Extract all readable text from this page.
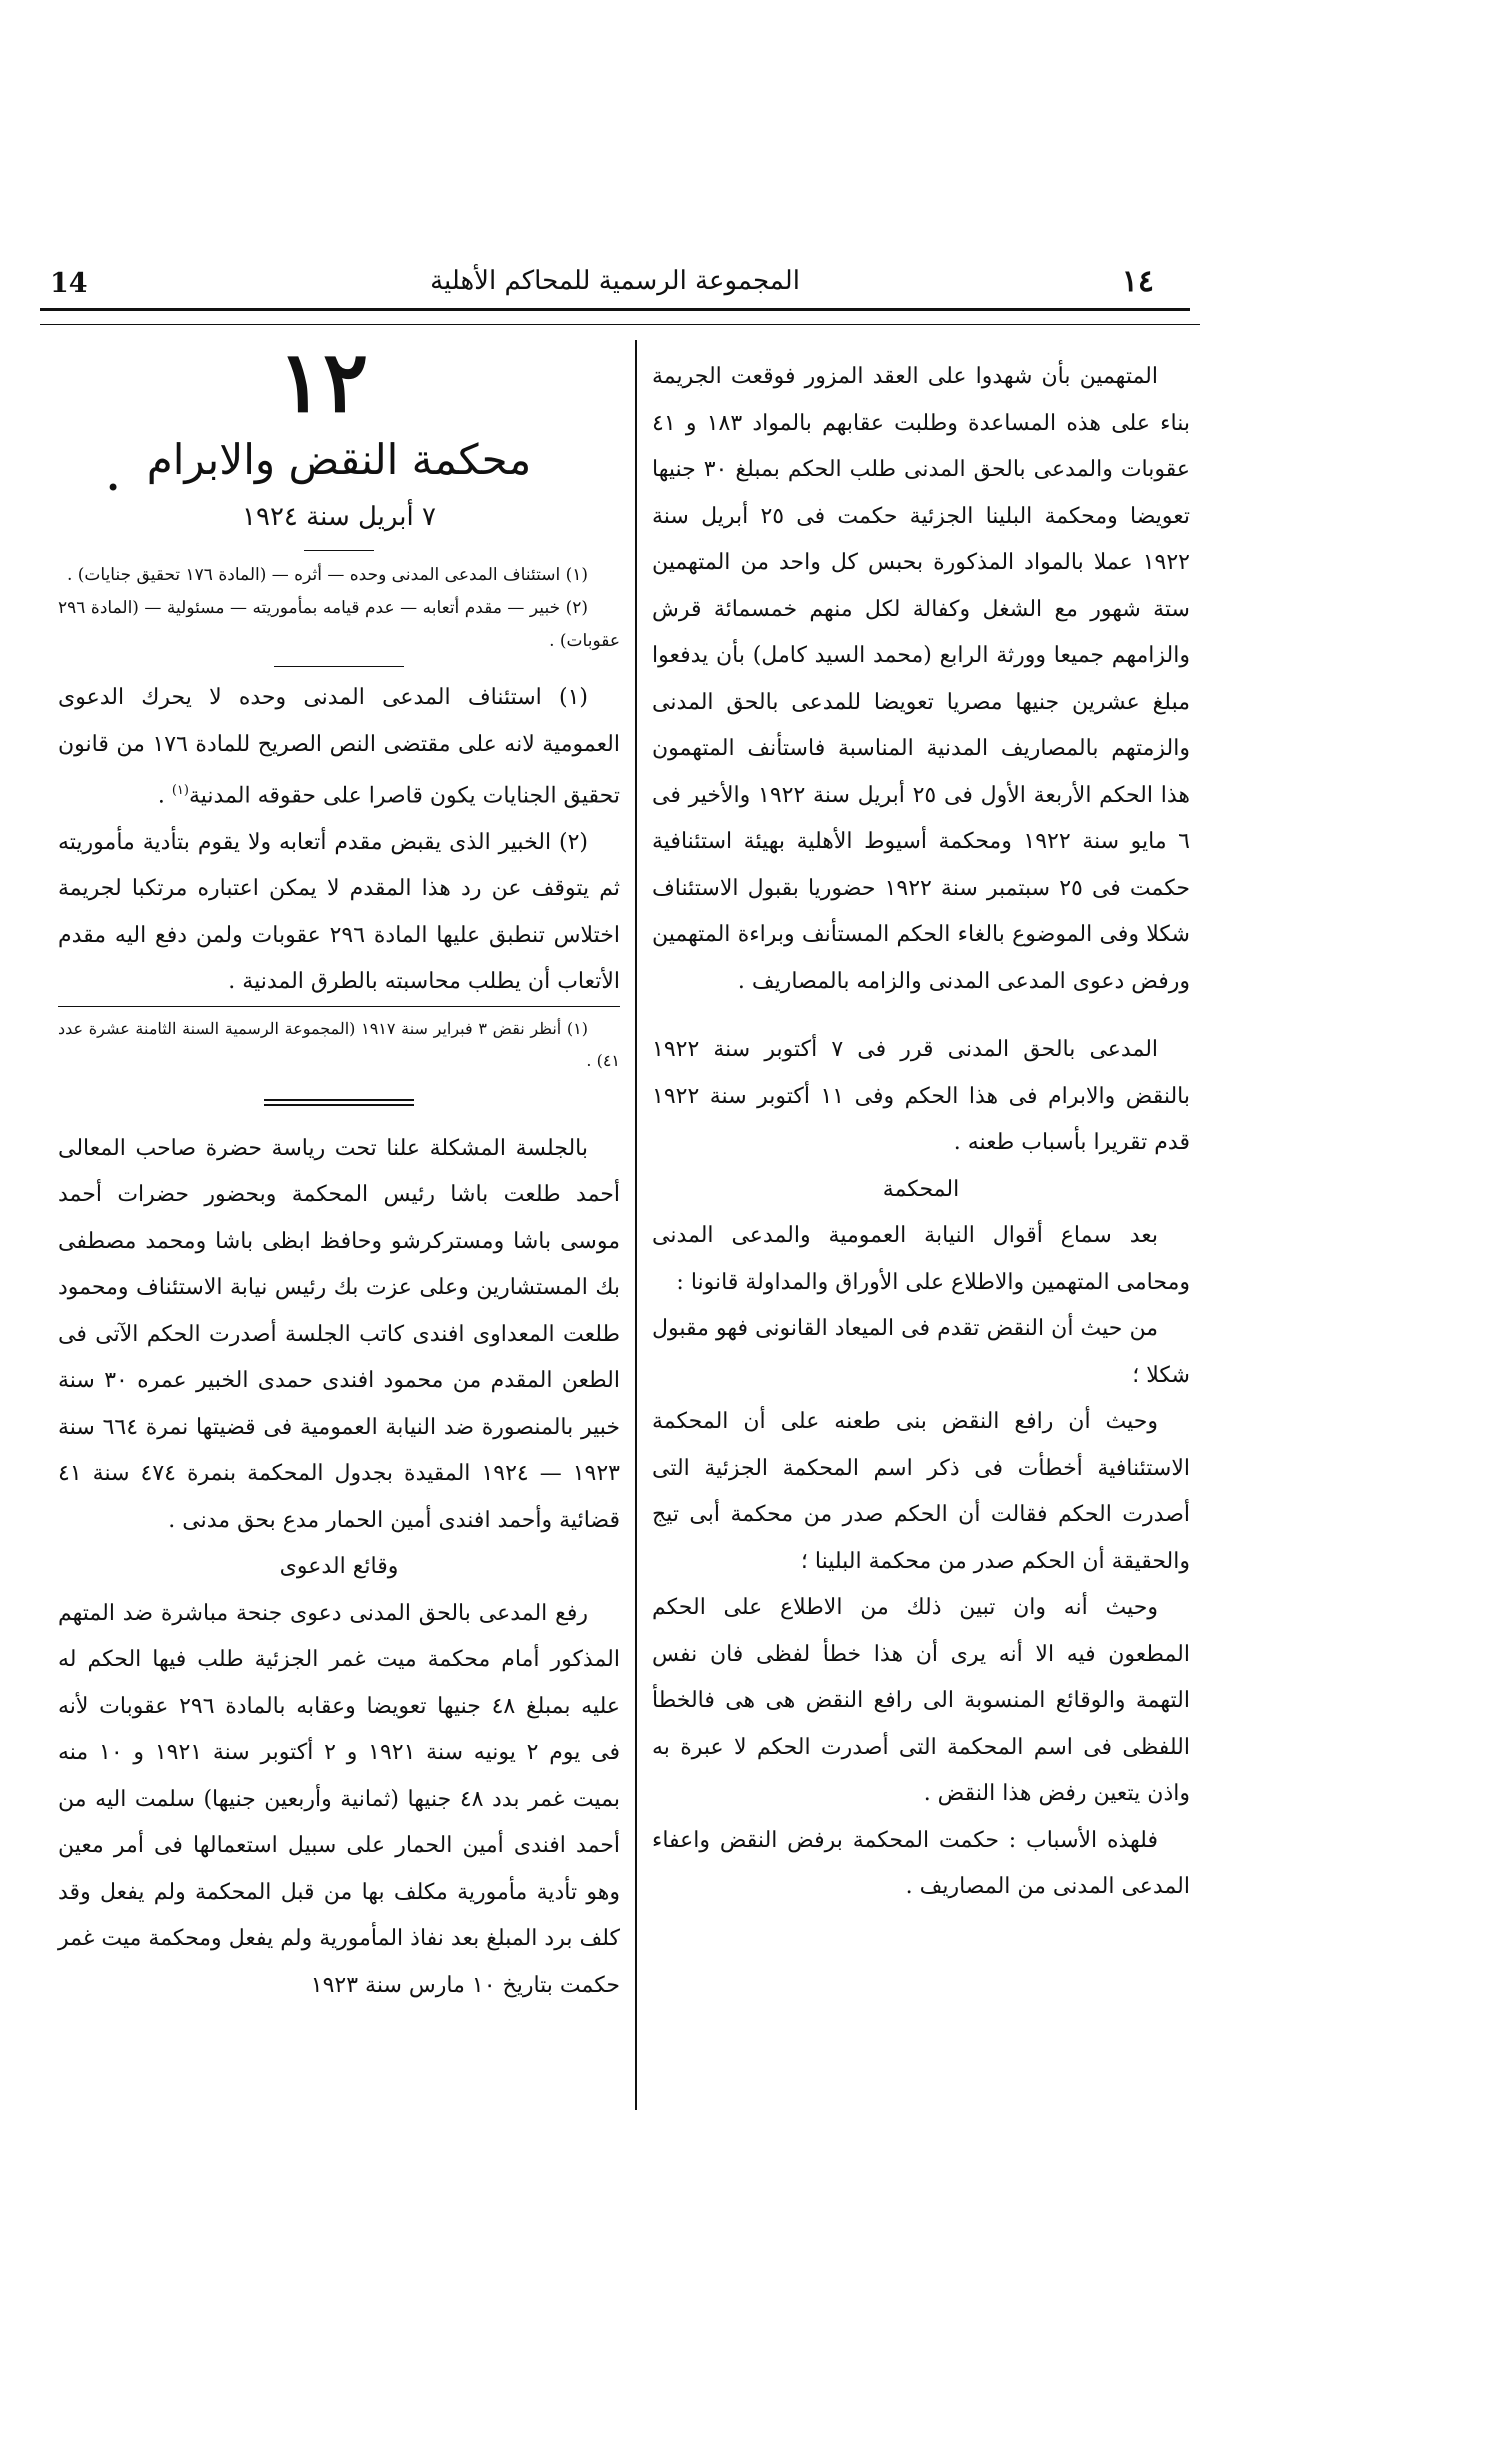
14	المجموعة الرسمية للمحاكم الأهلية	١٤

المتهمين بأن شهدوا على العقد المزور فوقعت الجريمة بناء على هذه المساعدة وطلبت عقابهم بالمواد ١٨٣ و ٤١ عقوبات والمدعى بالحق المدنى طلب الحكم بمبلغ ٣٠ جنيها تعويضا ومحكمة البلينا الجزئية حكمت فى ٢٥ أبريل سنة ١٩٢٢ عملا بالمواد المذكورة بحبس كل واحد من المتهمين ستة شهور مع الشغل وكفالة لكل منهم خمسمائة قرش والزامهم جميعا وورثة الرابع (محمد السيد كامل) بأن يدفعوا مبلغ عشرين جنيها مصريا تعويضا للمدعى بالحق المدنى والزمتهم بالمصاريف المدنية المناسبة فاستأنف المتهمون هذا الحكم الأربعة الأول فى ٢٥ أبريل سنة ١٩٢٢ والأخير فى ٦ مايو سنة ١٩٢٢ ومحكمة أسيوط الأهلية بهيئة استئنافية حكمت فى ٢٥ سبتمبر سنة ١٩٢٢ حضوريا بقبول الاستئناف شكلا وفى الموضوع بالغاء الحكم المستأنف وبراءة المتهمين ورفض دعوى المدعى المدنى والزامه بالمصاريف .

المدعى بالحق المدنى قرر فى ٧ أكتوبر سنة ١٩٢٢ بالنقض والابرام فى هذا الحكم وفى ١١ أكتوبر سنة ١٩٢٢ قدم تقريرا بأسباب طعنه .

المحكمة

بعد سماع أقوال النيابة العمومية والمدعى المدنى ومحامى المتهمين والاطلاع على الأوراق والمداولة قانونا :

من حيث أن النقض تقدم فى الميعاد القانونى فهو مقبول شكلا ؛

وحيث أن رافع النقض بنى طعنه على أن المحكمة الاستئنافية أخطأت فى ذكر اسم المحكمة الجزئية التى أصدرت الحكم فقالت أن الحكم صدر من محكمة أبى تيج والحقيقة أن الحكم صدر من محكمة البلينا ؛

وحيث أنه وان تبين ذلك من الاطلاع على الحكم المطعون فيه الا أنه يرى أن هذا خطأ لفظى فان نفس التهمة والوقائع المنسوبة الى رافع النقض هى هى فالخطأ اللفظى فى اسم المحكمة التى أصدرت الحكم لا عبرة به واذن يتعين رفض هذا النقض .

فلهذه الأسباب : حكمت المحكمة برفض النقض واعفاء المدعى المدنى من المصاريف .

•

١٢

محكمة النقض والابرام

٧ أبريل سنة ١٩٢٤

(١) استئناف المدعى المدنى وحده — أثره — (المادة ١٧٦ تحقيق جنايات) .

(٢) خبير — مقدم أتعابه — عدم قيامه بمأموريته — مسئولية — (المادة ٢٩٦ عقوبات) .

(١) استئناف المدعى المدنى وحده لا يحرك الدعوى العمومية لانه على مقتضى النص الصريح للمادة ١٧٦ من قانون تحقيق الجنايات يكون قاصرا على حقوقه المدنية$^{(١)}$ .

(٢) الخبير الذى يقبض مقدم أتعابه ولا يقوم بتأدية مأموريته ثم يتوقف عن رد هذا المقدم لا يمكن اعتباره مرتكبا لجريمة اختلاس تنطبق عليها المادة ٢٩٦ عقوبات ولمن دفع اليه مقدم الأتعاب أن يطلب محاسبته بالطرق المدنية .

(١) أنظر نقض ٣ فبراير سنة ١٩١٧ (المجموعة الرسمية السنة الثامنة عشرة عدد ٤١) .

بالجلسة المشكلة علنا تحت رياسة حضرة صاحب المعالى أحمد طلعت باشا رئيس المحكمة وبحضور حضرات أحمد موسى باشا ومستركرشو وحافظ ابظى باشا ومحمد مصطفى بك المستشارين وعلى عزت بك رئيس نيابة الاستئناف ومحمود طلعت المعداوى افندى كاتب الجلسة أصدرت الحكم الآتى فى الطعن المقدم من محمود افندى حمدى الخبير عمره ٣٠ سنة خبير بالمنصورة ضد النيابة العمومية فى قضيتها نمرة ٦٦٤ سنة ١٩٢٣ — ١٩٢٤ المقيدة بجدول المحكمة بنمرة ٤٧٤ سنة ٤١ قضائية وأحمد افندى أمين الحمار مدع بحق مدنى .

وقائع الدعوى

رفع المدعى بالحق المدنى دعوى جنحة مباشرة ضد المتهم المذكور أمام محكمة ميت غمر الجزئية طلب فيها الحكم له عليه بمبلغ ٤٨ جنيها تعويضا وعقابه بالمادة ٢٩٦ عقوبات لأنه فى يوم ٢ يونيه سنة ١٩٢١ و ٢ أكتوبر سنة ١٩٢١ و ١٠ منه بميت غمر بدد ٤٨ جنيها (ثمانية وأربعين جنيها) سلمت اليه من أحمد افندى أمين الحمار على سبيل استعمالها فى أمر معين وهو تأدية مأمورية مكلف بها من قبل المحكمة ولم يفعل وقد كلف برد المبلغ بعد نفاذ المأمورية ولم يفعل ومحكمة ميت غمر حكمت بتاريخ ١٠ مارس سنة ١٩٢٣
